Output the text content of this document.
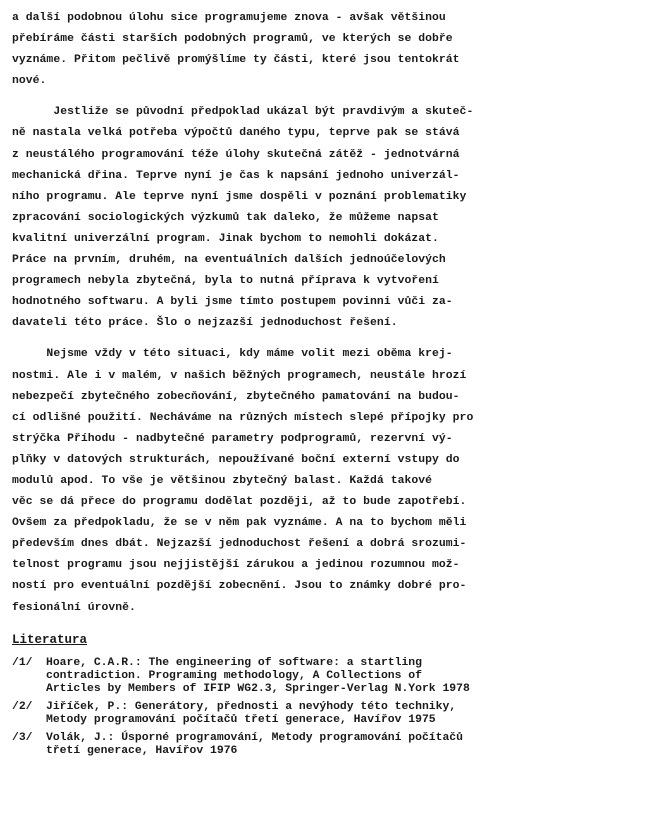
a další podobnou úlohu sice programujeme znova - avšak většinou
přebíráme části starších podobných programů, ve kterých se dobře
vyznáme. Přitom pečlivě promýšlíme ty části, které jsou tentokrát
nové.

Jestliže se původní předpoklad ukázal být pravdivým a skuteč-
ně nastala velká potřeba výpočtů daného typu, teprve pak se stává
z neustálého programování téže úlohy skutečná zátěž - jednotvárná
mechanická dřina. Teprve nyní je čas k napsání jednoho univerzál-
ního programu. Ale teprve nyní jsme dospěli v poznání problematiky
zpracování sociologických výzkumů tak daleko, že můžeme napsat
kvalitní univerzální program. Jinak bychom to nemohli dokázat.
Práce na prvním, druhém, na eventuálních dalších jednoúčelových
programech nebyla zbytečná, byla to nutná příprava k vytvoření
hodnotného softwaru. A byli jsme tímto postupem povinni vůči za-
davateli této práce. Šlo o nejzazší jednoduchost řešení.

Nejsme vždy v této situaci, kdy máme volit mezi oběma krej-
nostmi. Ale i v malém, v našich běžných programech, neustále hrozí
nebezpečí zbytečného zobecňování, zbytečného pamatování na budou-
cí odlišné použití. Necháváme na různých místech slepé přípojky pro
strýčka Příhodu - nadbytečné parametry podprogramů, rezervní vý-
plňky v datových strukturách, nepoužívané boční externí vstupy do
modulů apod. To vše je většinou zbytečný balast. Každá takové
věc se dá přece do programu dodělat později, až to bude zapotřebí.
Ovšem za předpokladu, že se v něm pak vyznáme. A na to bychom měli
především dnes dbát. Nejzazší jednoduchost řešení a dobrá srozumi-
telnost programu jsou nejjistější zárukou a jedinou rozumnou mož-
ností pro eventuální pozdější zobecnění. Jsou to známky dobré pro-
fesionální úrovně.

Literatura
/1/	Hoare, C.A.R.: The engineering of software: a startling
contradiction. Programing methodology, A Collections of
Articles by Members of IFIP WG2.3, Springer-Verlag N.York 1978
/2/	Jiříček, P.: Generátory, přednosti a nevýhody této techniky,
Metody programování počítačů třetí generace, Havířov 1975
/3/	Volák, J.: Úsporné programování, Metody programování počítačů
třetí generace, Havířov 1976
